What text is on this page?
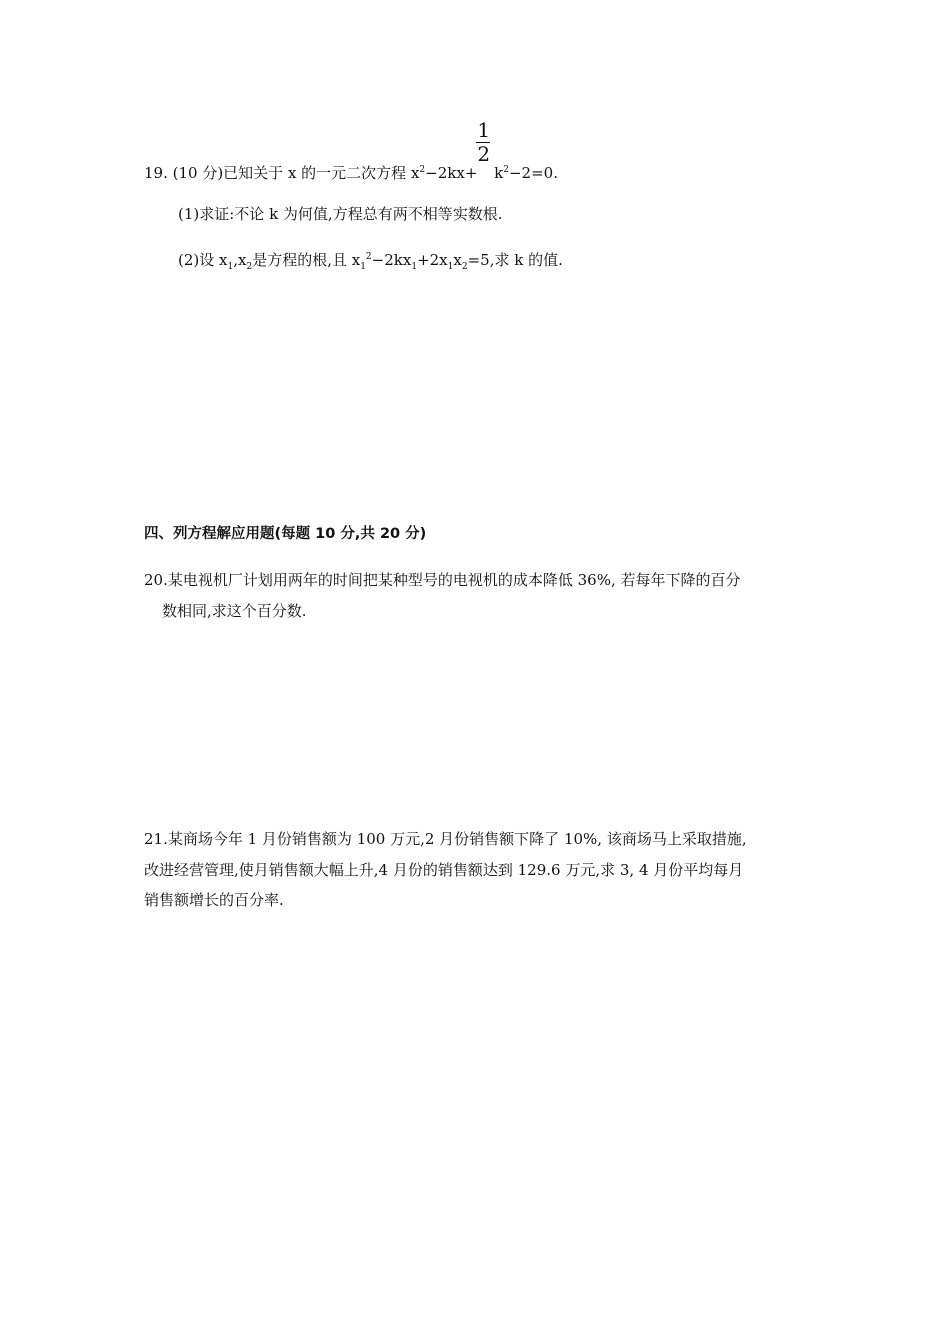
19. (10 分)已知关于 x 的一元二次方程 $x^2-2kx+ \frac{1}{2} k^2-2=0$.
(1)求证:不论 k 为何值,方程总有两不相等实数根.
(2)设 $x_1,x_2$是方程的根,且 $x_1^2-2kx_1+2x_1x_2=5$,求 k 的值.
四、列方程解应用题(每题 10 分,共 20 分)
20.某电视机厂计划用两年的时间把某种型号的电视机的成本降低 36%, 若每年下降的百分
数相同,求这个百分数.
21.某商场今年 1 月份销售额为 100 万元,2 月份销售额下降了 10%, 该商场马上采取措施,
改进经营管理,使月销售额大幅上升,4 月份的销售额达到 129.6 万元,求 3, 4 月份平均每月
销售额增长的百分率.
